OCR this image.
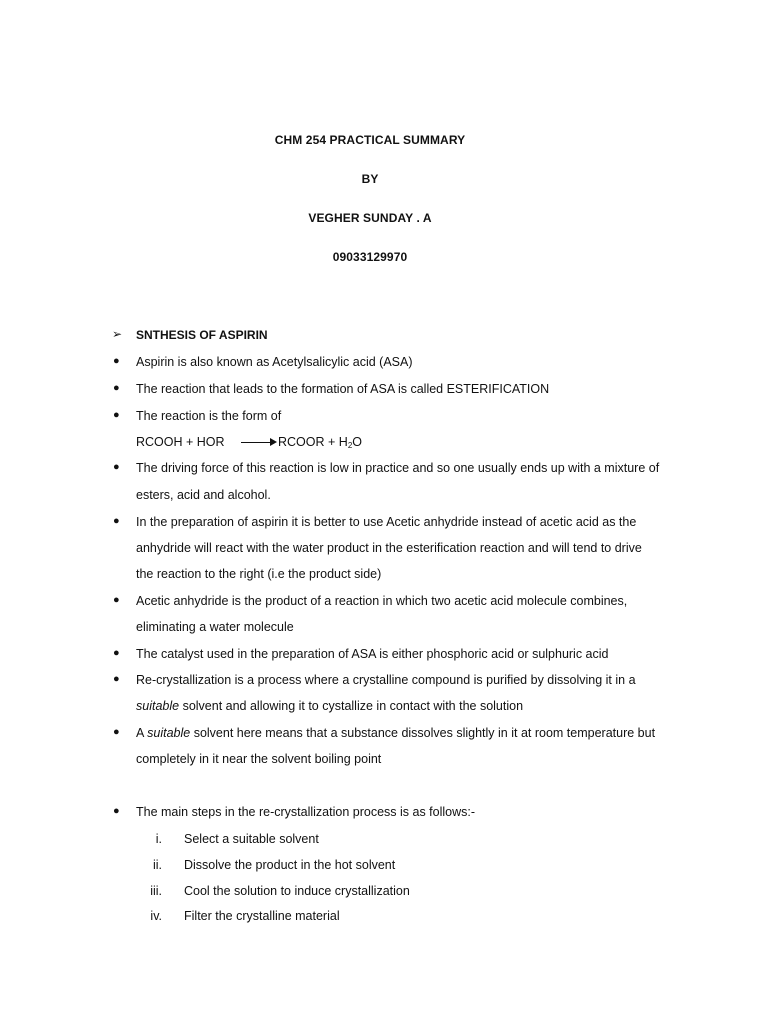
CHM 254 PRACTICAL SUMMARY
BY
VEGHER SUNDAY . A
09033129970
➢ SNTHESIS OF ASPIRIN
● Aspirin is also known as Acetylsalicylic acid (ASA)
● The reaction that leads to the formation of ASA is called ESTERIFICATION
● The reaction is the form of
RCOOH + HOR	RCOOR + $H_2O$
● The driving force of this reaction is low in practice and so one usually ends up with a mixture of
esters, acid and alcohol.
● In the preparation of aspirin it is better to use Acetic anhydride instead of acetic acid as the
anhydride will react with the water product in the esterification reaction and will tend to drive
the reaction to the right (i.e the product side)
● Acetic anhydride is the product of a reaction in which two acetic acid molecule combines,
eliminating a water molecule
● The catalyst used in the preparation of ASA is either phosphoric acid or sulphuric acid
● Re-crystallization is a process where a crystalline compound is purified by dissolving it in a
suitable solvent and allowing it to cystallize in contact with the solution
● A suitable solvent here means that a substance dissolves slightly in it at room temperature but
completely in it near the solvent boiling point
● The main steps in the re-crystallization process is as follows:-
i. Select a suitable solvent
ii. Dissolve the product in the hot solvent
iii. Cool the solution to induce crystallization
iv. Filter the crystalline material
